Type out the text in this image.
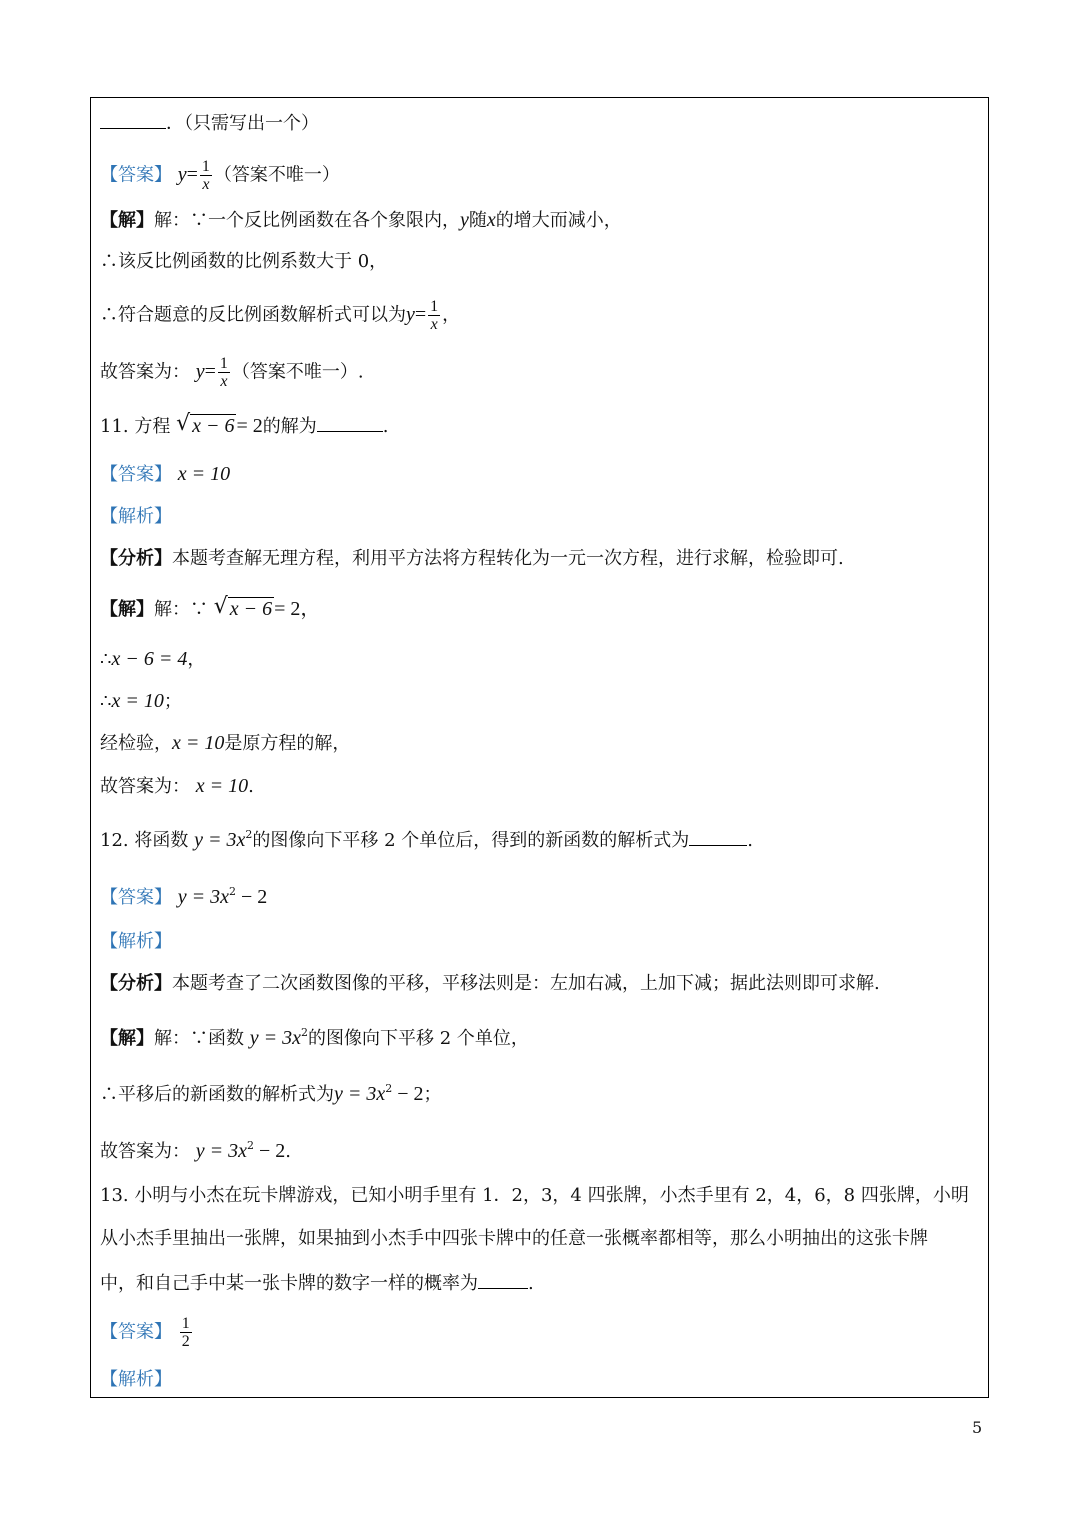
．（只需写出一个）
【答案】 $y= \frac{1}{x}$ （答案不唯一）
【解】解：∵一个反比例函数在各个象限内，y随x的增大而减小，
∴该反比例函数的比例系数大于 0，
∴符合题意的反比例函数解析式可以为$y= \frac{1}{x}$ ，
故答案为： $y= \frac{1}{x}$ （答案不唯一）.
11. 方程 √ x − 6 = 2的解为	.
【答案】 x = 10
【解析】
【分析】本题考查解无理方程，利用平方法将方程转化为一元一次方程，进行求解，检验即可.
【解】解：∵ √ x − 6 = 2，
∴x − 6 = 4，
∴x = 10；
经检验，x = 10是原方程的解，
故答案为： x = 10.
12. 将函数 $y = 3x^2$的图像向下平移 2 个单位后，得到的新函数的解析式为	.
【答案】 $y = 3x^2 - 2$
【解析】
【分析】本题考查了二次函数图像的平移，平移法则是：左加右减，上加下减；据此法则即可求解.
【解】解：∵函数 $y = 3x^2$的图像向下平移 2 个单位，
∴平移后的新函数的解析式为$y = 3x^2 - 2$；
故答案为： $y = 3x^2 - 2$.
13. 小明与小杰在玩卡牌游戏，已知小明手里有 1．2，3，4 四张牌，小杰手里有 2，4，6，8 四张牌，小明
从小杰手里抽出一张牌，如果抽到小杰手中四张卡牌中的任意一张概率都相等，那么小明抽出的这张卡牌
中，和自己手中某一张卡牌的数字一样的概率为	.
【答案】 $\frac{1}{2}$
【解析】
5
